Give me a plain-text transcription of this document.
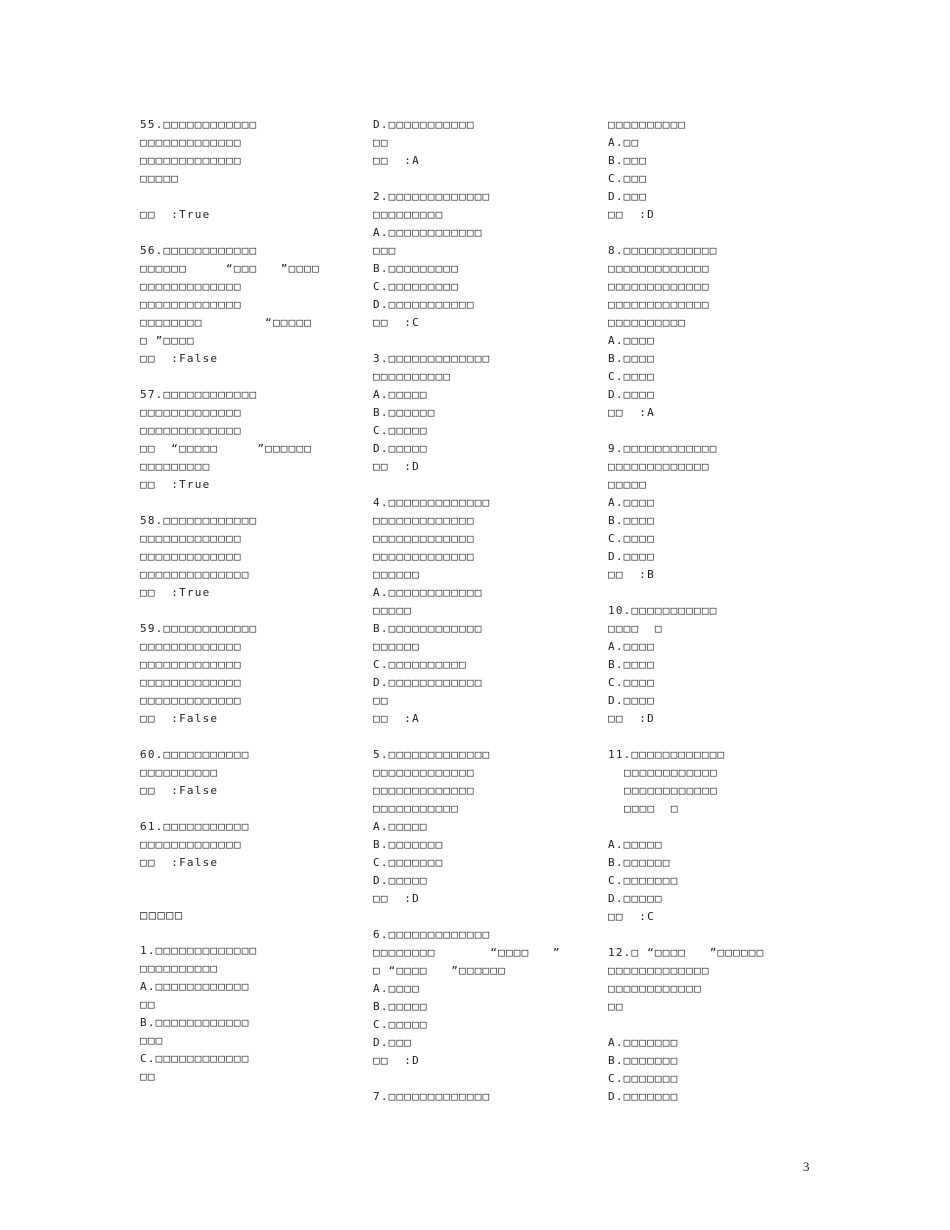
55.□□□□□□□□□□□□
□□□□□□□□□□□□□
□□□□□□□□□□□□□
□□□□□
□□  :True
56.□□□□□□□□□□□□
□□□□□□     “□□□   ”□□□□
□□□□□□□□□□□□□
□□□□□□□□□□□□□
□□□□□□□□        “□□□□□
□ ”□□□□
□□  :False
57.□□□□□□□□□□□□
□□□□□□□□□□□□□
□□□□□□□□□□□□□
□□  “□□□□□     ”□□□□□□
□□□□□□□□□
□□  :True
58.□□□□□□□□□□□□
□□□□□□□□□□□□□
□□□□□□□□□□□□□
□□□□□□□□□□□□□□
□□  :True
59.□□□□□□□□□□□□
□□□□□□□□□□□□□
□□□□□□□□□□□□□
□□□□□□□□□□□□□
□□□□□□□□□□□□□
□□  :False
60.□□□□□□□□□□□
□□□□□□□□□□
□□  :False
61.□□□□□□□□□□□
□□□□□□□□□□□□□
□□  :False
□□□□□
1.□□□□□□□□□□□□□
□□□□□□□□□□
A.□□□□□□□□□□□□
□□
B.□□□□□□□□□□□□
□□□
C.□□□□□□□□□□□□
□□
D.□□□□□□□□□□□
□□
□□  :A
2.□□□□□□□□□□□□□
□□□□□□□□□
A.□□□□□□□□□□□□
□□□
B.□□□□□□□□□
C.□□□□□□□□□
D.□□□□□□□□□□□
□□  :C
3.□□□□□□□□□□□□□
□□□□□□□□□□
A.□□□□□
B.□□□□□□
C.□□□□□
D.□□□□□
□□  :D
4.□□□□□□□□□□□□□
□□□□□□□□□□□□□
□□□□□□□□□□□□□
□□□□□□□□□□□□□
□□□□□□
A.□□□□□□□□□□□□
□□□□□
B.□□□□□□□□□□□□
□□□□□□
C.□□□□□□□□□□
D.□□□□□□□□□□□□
□□
□□  :A
5.□□□□□□□□□□□□□
□□□□□□□□□□□□□
□□□□□□□□□□□□□
□□□□□□□□□□□
A.□□□□□
B.□□□□□□□
C.□□□□□□□
D.□□□□□
□□  :D
6.□□□□□□□□□□□□□
□□□□□□□□       “□□□□   ”
□ “□□□□   ”□□□□□□
A.□□□□
B.□□□□□
C.□□□□□
D.□□□
□□  :D
7.□□□□□□□□□□□□□
□□□□□□□□□□
A.□□
B.□□□
C.□□□
D.□□□
□□  :D
8.□□□□□□□□□□□□
□□□□□□□□□□□□□
□□□□□□□□□□□□□
□□□□□□□□□□□□□
□□□□□□□□□□
A.□□□□
B.□□□□
C.□□□□
D.□□□□
□□  :A
9.□□□□□□□□□□□□
□□□□□□□□□□□□□
□□□□□
A.□□□□
B.□□□□
C.□□□□
D.□□□□
□□  :B
10.□□□□□□□□□□□
□□□□  □
A.□□□□
B.□□□□
C.□□□□
D.□□□□
□□  :D
11.□□□□□□□□□□□□
□□□□□□□□□□□□
□□□□□□□□□□□□
□□□□  □
A.□□□□□
B.□□□□□□
C.□□□□□□□
D.□□□□□
□□  :C
12.□ “□□□□   ”□□□□□□
□□□□□□□□□□□□□
□□□□□□□□□□□□
□□
A.□□□□□□□
B.□□□□□□□
C.□□□□□□□
D.□□□□□□□
3
